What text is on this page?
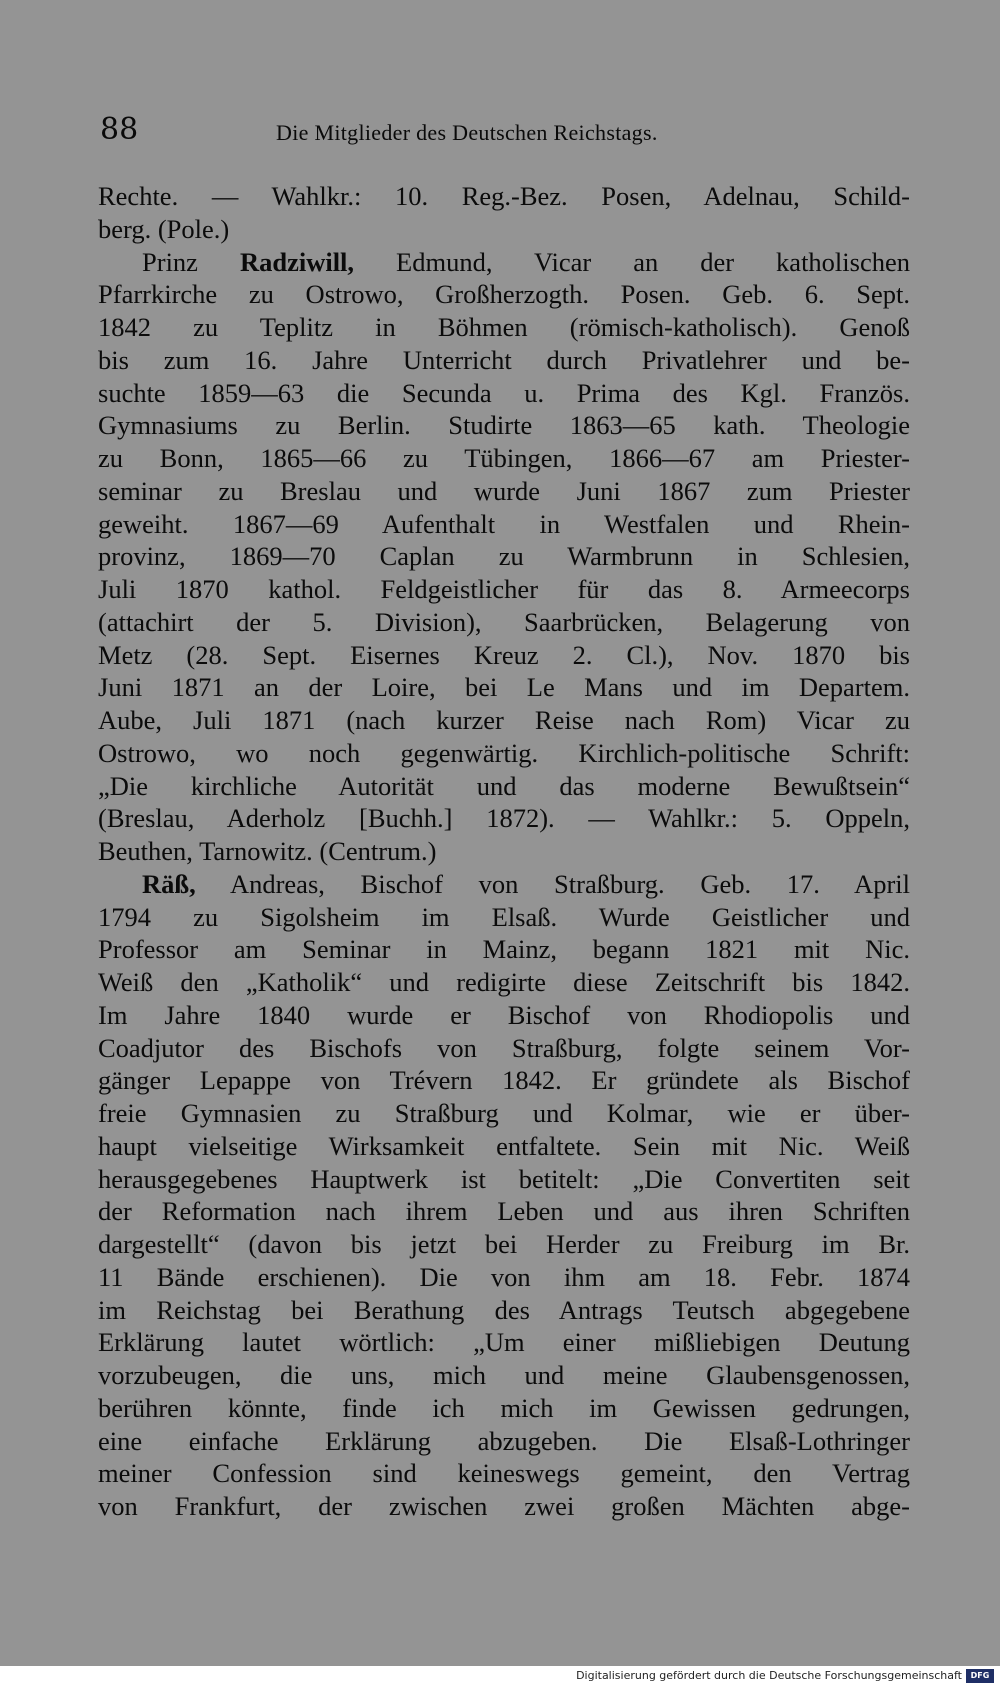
88	Die Mitglieder des Deutschen Reichstags.
Rechte. — Wahlkr.: 10. Reg.-Bez. Posen, Adelnau, Schild-
berg. (Pole.)
Prinz Radziwill, Edmund, Vicar an der katholischen
Pfarrkirche zu Ostrowo, Großherzogth. Posen. Geb. 6. Sept.
1842 zu Teplitz in Böhmen (römisch-katholisch). Genoß
bis zum 16. Jahre Unterricht durch Privatlehrer und be-
suchte 1859—63 die Secunda u. Prima des Kgl. Französ.
Gymnasiums zu Berlin. Studirte 1863—65 kath. Theologie
zu Bonn, 1865—66 zu Tübingen, 1866—67 am Priester-
seminar zu Breslau und wurde Juni 1867 zum Priester
geweiht. 1867—69 Aufenthalt in Westfalen und Rhein-
provinz, 1869—70 Caplan zu Warmbrunn in Schlesien,
Juli 1870 kathol. Feldgeistlicher für das 8. Armeecorps
(attachirt der 5. Division), Saarbrücken, Belagerung von
Metz (28. Sept. Eisernes Kreuz 2. Cl.), Nov. 1870 bis
Juni 1871 an der Loire, bei Le Mans und im Departem.
Aube, Juli 1871 (nach kurzer Reise nach Rom) Vicar zu
Ostrowo, wo noch gegenwärtig. Kirchlich-politische Schrift:
„Die kirchliche Autorität und das moderne Bewußtsein“
(Breslau, Aderholz [Buchh.] 1872). — Wahlkr.: 5. Oppeln,
Beuthen, Tarnowitz. (Centrum.)
Räß, Andreas, Bischof von Straßburg. Geb. 17. April
1794 zu Sigolsheim im Elsaß. Wurde Geistlicher und
Professor am Seminar in Mainz, begann 1821 mit Nic.
Weiß den „Katholik“ und redigirte diese Zeitschrift bis 1842.
Im Jahre 1840 wurde er Bischof von Rhodiopolis und
Coadjutor des Bischofs von Straßburg, folgte seinem Vor-
gänger Lepappe von Trévern 1842. Er gründete als Bischof
freie Gymnasien zu Straßburg und Kolmar, wie er über-
haupt vielseitige Wirksamkeit entfaltete. Sein mit Nic. Weiß
herausgegebenes Hauptwerk ist betitelt: „Die Convertiten seit
der Reformation nach ihrem Leben und aus ihren Schriften
dargestellt“ (davon bis jetzt bei Herder zu Freiburg im Br.
11 Bände erschienen). Die von ihm am 18. Febr. 1874
im Reichstag bei Berathung des Antrags Teutsch abgegebene
Erklärung lautet wörtlich: „Um einer mißliebigen Deutung
vorzubeugen, die uns, mich und meine Glaubensgenossen,
berühren könnte, finde ich mich im Gewissen gedrungen,
eine einfache Erklärung abzugeben. Die Elsaß-Lothringer
meiner Confession sind keineswegs gemeint, den Vertrag
von Frankfurt, der zwischen zwei großen Mächten abge-
Digitalisierung gefördert durch die Deutsche Forschungsgemeinschaft	DFG
